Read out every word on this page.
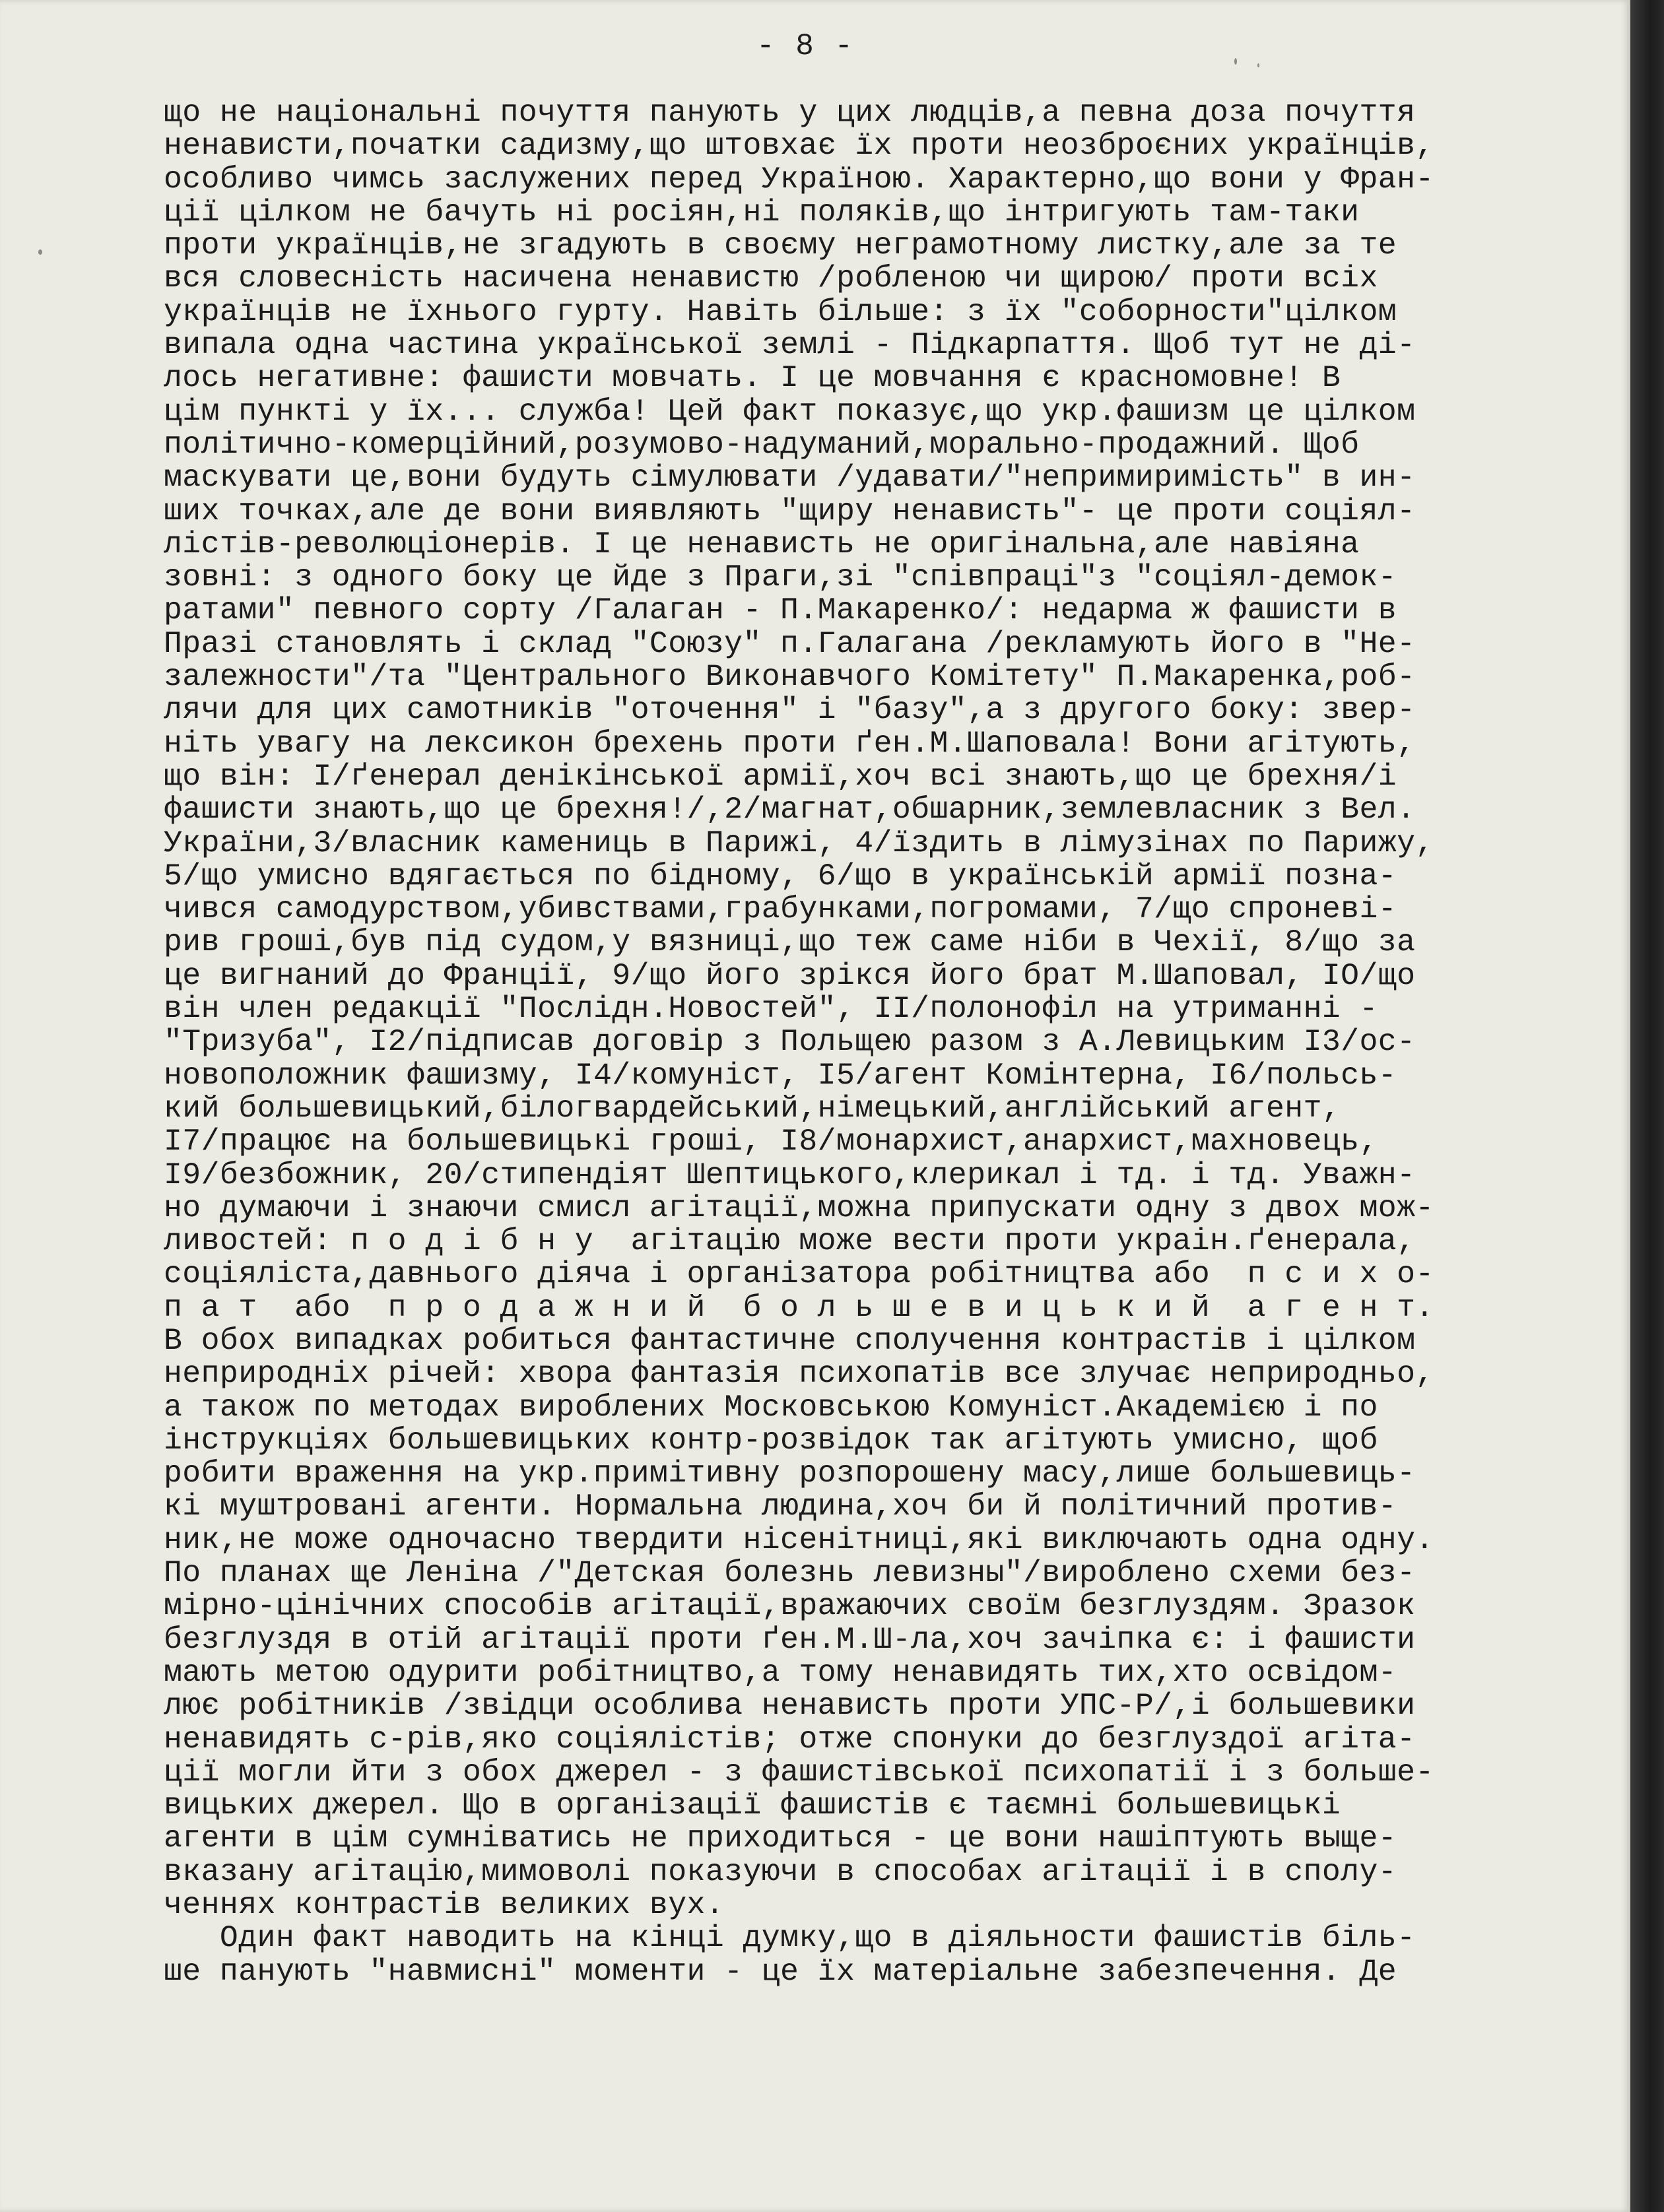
- 8 -
що не національні почуття панують у цих людців,а певна доза почуття
ненависти,початки садизму,що штовхає їх проти неозброєних українців,
особливо чимсь заслужених перед Україною. Характерно,що вони у Фран-
ції цілком не бачуть ні росіян,ні поляків,що інтригують там-таки
проти українців,не згадують в своєму неграмотному листку,але за те
вся словесність насичена ненавистю /робленою чи щирою/ проти всіх
українців не їхнього гурту. Навіть більше: з їх "соборности"цілком
випала одна частина української землі - Підкарпаття. Щоб тут не ді-
лось негативне: фашисти мовчать. І це мовчання є красномовне! В
цім пункті у їх... служба! Цей факт показує,що укр.фашизм це цілком
політично-комерційний,розумово-надуманий,морально-продажний. Щоб
маскувати це,вони будуть сімулювати /удавати/"непримиримість" в ин-
ших точках,але де вони виявляють "щиру ненависть"- це проти соціял-
лістів-революціонерів. І це ненависть не оригінальна,але навіяна
зовні: з одного боку це йде з Праги,зі "співпраці"з "соціял-демок-
ратами" певного сорту /Галаган - П.Макаренко/: недарма ж фашисти в
Празі становлять і склад "Союзу" п.Галагана /рекламують його в "Не-
залежности"/та "Центрального Виконавчого Комітету" П.Макаренка,роб-
лячи для цих самотників "оточення" і "базу",а з другого боку: звер-
ніть увагу на лексикон брехень проти ґен.М.Шаповала! Вони агітують,
що він: І/ґенерал денікінської армії,хоч всі знають,що це брехня/і
фашисти знають,що це брехня!/,2/магнат,обшарник,землевласник з Вел.
України,3/власник камениць в Парижі, 4/їздить в лімузінах по Парижу,
5/що умисно вдягається по бідному, 6/що в українській армії позна-
чився самодурством,убивствами,грабунками,погромами, 7/що спроневі-
рив гроші,був під судом,у вязниці,що теж саме ніби в Чехії, 8/що за
це вигнаний до Франції, 9/що його зрікся його брат М.Шаповал, IO/що
він член редакції "Послідн.Новостей", II/полонофіл на утриманні -
"Тризуба", I2/підписав договір з Польщею разом з А.Левицьким I3/ос-
новоположник фашизму, I4/комуніст, I5/агент Комінтерна, I6/польсь-
кий большевицький,білогвардейський,німецький,англійський агент,
I7/працює на большевицькі гроші, I8/монархист,анархист,махновець,
I9/безбожник, 20/стипендіят Шептицького,клерикал і тд. і тд. Уважн-
но думаючи і знаючи смисл агітації,можна припускати одну з двох мож-
ливостей: п о д і б н у  агітацію може вести проти украін.ґенерала,
соціяліста,давнього діяча і організатора робітництва або  п с и х о-
п а т  або  п р о д а ж н и й  б о л ь ш е в и ц ь к и й  а г е н т.
В обох випадках робиться фантастичне сполучення контрастів і цілком
неприродніх річей: хвора фантазія психопатів все злучає неприродньо,
а також по методах вироблених Московською Комуніст.Академією і по
інструкціях большевицьких контр-розвідок так агітують умисно, щоб
робити враження на укр.примітивну розпорошену масу,лише большевиць-
кі муштровані агенти. Нормальна людина,хоч би й політичний против-
ник,не може одночасно твердити нісенітниці,які виключають одна одну.
По планах ще Леніна /"Детская болезнь левизны"/вироблено схеми без-
мірно-цінічних способів агітації,вражаючих своїм безглуздям. Зразок
безглуздя в отій агітації проти ґен.М.Ш-ла,хоч зачіпка є: і фашисти
мають метою одурити робітництво,а тому ненавидять тих,хто освідом-
лює робітників /звідци особлива ненависть проти УПС-Р/,і большевики
ненавидять с-рів,яко соціялістів; отже спонуки до безглуздої агіта-
ції могли йти з обох джерел - з фашистівської психопатії і з больше-
вицьких джерел. Що в організації фашистів є таємні большевицькі
агенти в цім сумніватись не приходиться - це вони нашіптують выще-
вказану агітацію,мимоволі показуючи в способах агітації і в сполу-
ченнях контрастів великих вух.
Один факт наводить на кінці думку,що в діяльности фашистів біль-
ше панують "навмисні" моменти - це їх матеріальне забезпечення. Де
